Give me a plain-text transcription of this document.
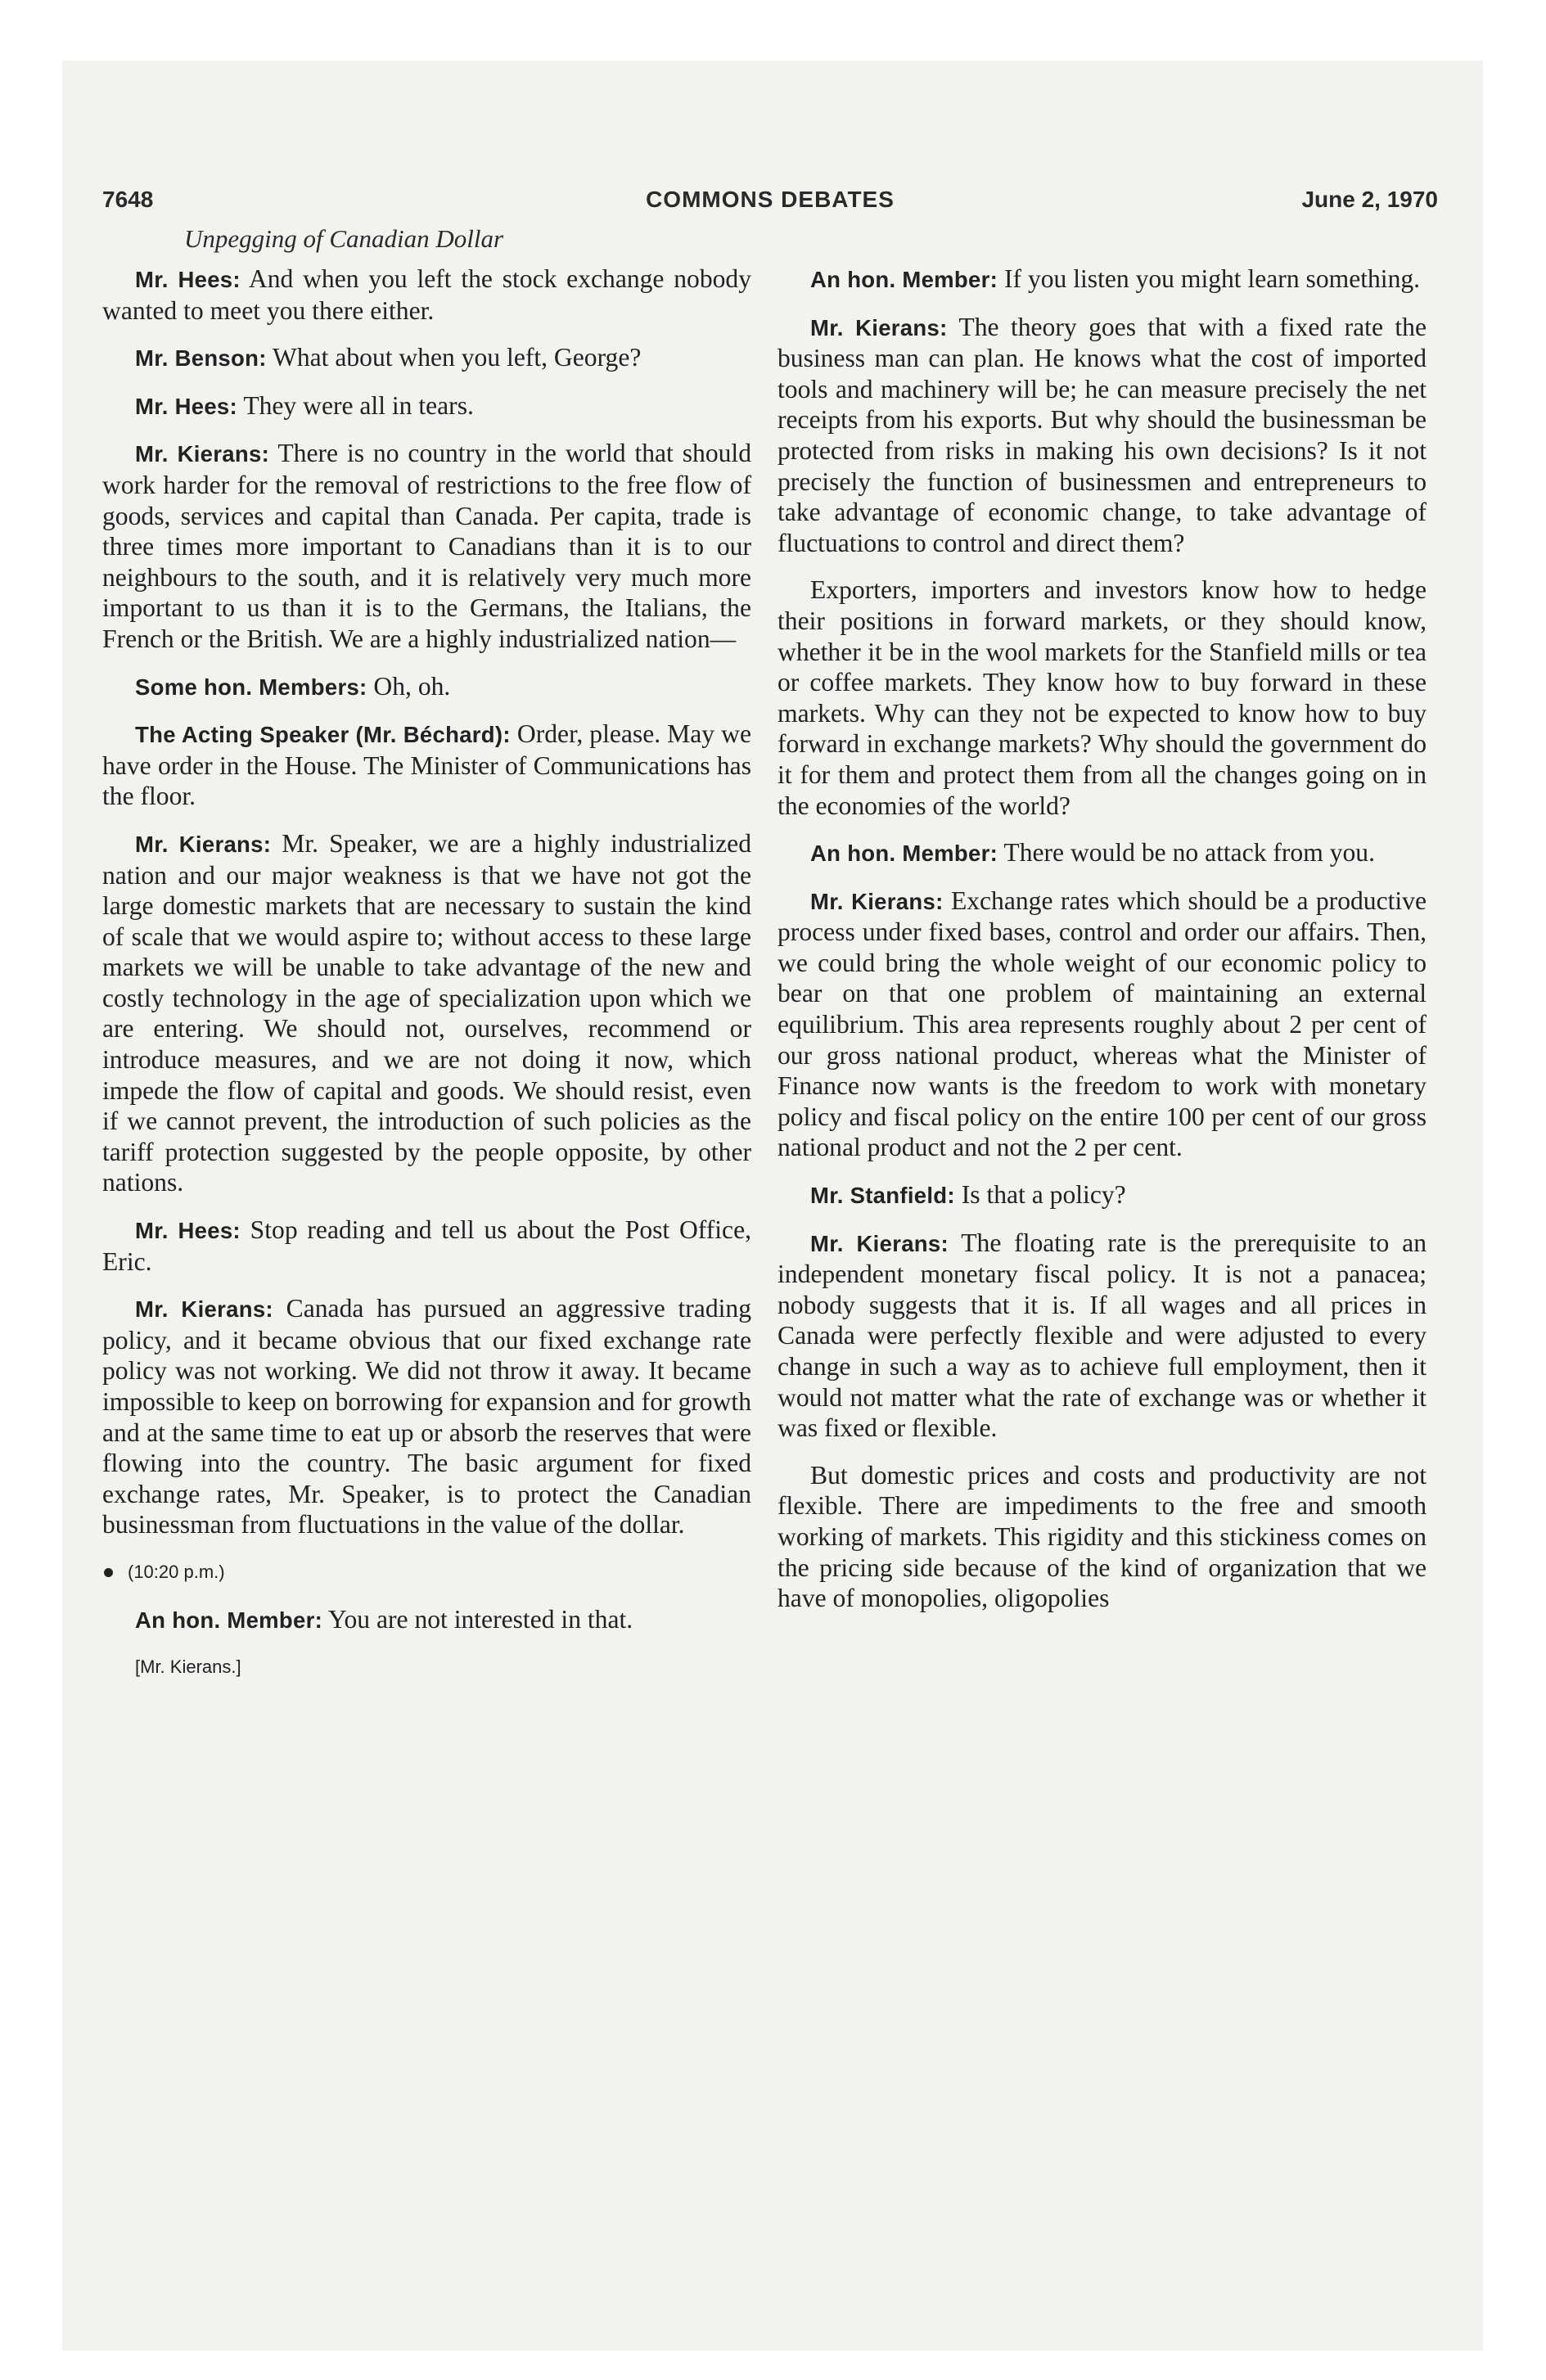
7648	COMMONS DEBATES	June 2, 1970
Unpegging of Canadian Dollar

Mr. Hees: And when you left the stock exchange nobody wanted to meet you there either.

Mr. Benson: What about when you left, George?

Mr. Hees: They were all in tears.

Mr. Kierans: There is no country in the world that should work harder for the removal of restrictions to the free flow of goods, services and capital than Canada. Per capita, trade is three times more important to Canadians than it is to our neighbours to the south, and it is relatively very much more important to us than it is to the Germans, the Italians, the French or the British. We are a highly industrialized nation—

Some hon. Members: Oh, oh.

The Acting Speaker (Mr. Béchard): Order, please. May we have order in the House. The Minister of Communications has the floor.

Mr. Kierans: Mr. Speaker, we are a highly industrialized nation and our major weakness is that we have not got the large domestic markets that are necessary to sustain the kind of scale that we would aspire to; without access to these large markets we will be unable to take advantage of the new and costly technology in the age of specialization upon which we are entering. We should not, ourselves, recommend or introduce measures, and we are not doing it now, which impede the flow of capital and goods. We should resist, even if we cannot prevent, the introduction of such policies as the tariff protection suggested by the people opposite, by other nations.

Mr. Hees: Stop reading and tell us about the Post Office, Eric.

Mr. Kierans: Canada has pursued an aggressive trading policy, and it became obvious that our fixed exchange rate policy was not working. We did not throw it away. It became impossible to keep on borrowing for expansion and for growth and at the same time to eat up or absorb the reserves that were flowing into the country. The basic argument for fixed exchange rates, Mr. Speaker, is to protect the Canadian businessman from fluctuations in the value of the dollar.

(10:20 p.m.)

An hon. Member: You are not interested in that.

[Mr. Kierans.]

An hon. Member: If you listen you might learn something.

Mr. Kierans: The theory goes that with a fixed rate the business man can plan. He knows what the cost of imported tools and machinery will be; he can measure precisely the net receipts from his exports. But why should the businessman be protected from risks in making his own decisions? Is it not precisely the function of businessmen and entrepreneurs to take advantage of economic change, to take advantage of fluctuations to control and direct them?

Exporters, importers and investors know how to hedge their positions in forward markets, or they should know, whether it be in the wool markets for the Stanfield mills or tea or coffee markets. They know how to buy forward in these markets. Why can they not be expected to know how to buy forward in exchange markets? Why should the government do it for them and protect them from all the changes going on in the economies of the world?

An hon. Member: There would be no attack from you.

Mr. Kierans: Exchange rates which should be a productive process under fixed bases, control and order our affairs. Then, we could bring the whole weight of our economic policy to bear on that one problem of maintaining an external equilibrium. This area represents roughly about 2 per cent of our gross national product, whereas what the Minister of Finance now wants is the freedom to work with monetary policy and fiscal policy on the entire 100 per cent of our gross national product and not the 2 per cent.

Mr. Stanfield: Is that a policy?

Mr. Kierans: The floating rate is the prerequisite to an independent monetary fiscal policy. It is not a panacea; nobody suggests that it is. If all wages and all prices in Canada were perfectly flexible and were adjusted to every change in such a way as to achieve full employment, then it would not matter what the rate of exchange was or whether it was fixed or flexible.

But domestic prices and costs and productivity are not flexible. There are impediments to the free and smooth working of markets. This rigidity and this stickiness comes on the pricing side because of the kind of organization that we have of monopolies, oligopolies
